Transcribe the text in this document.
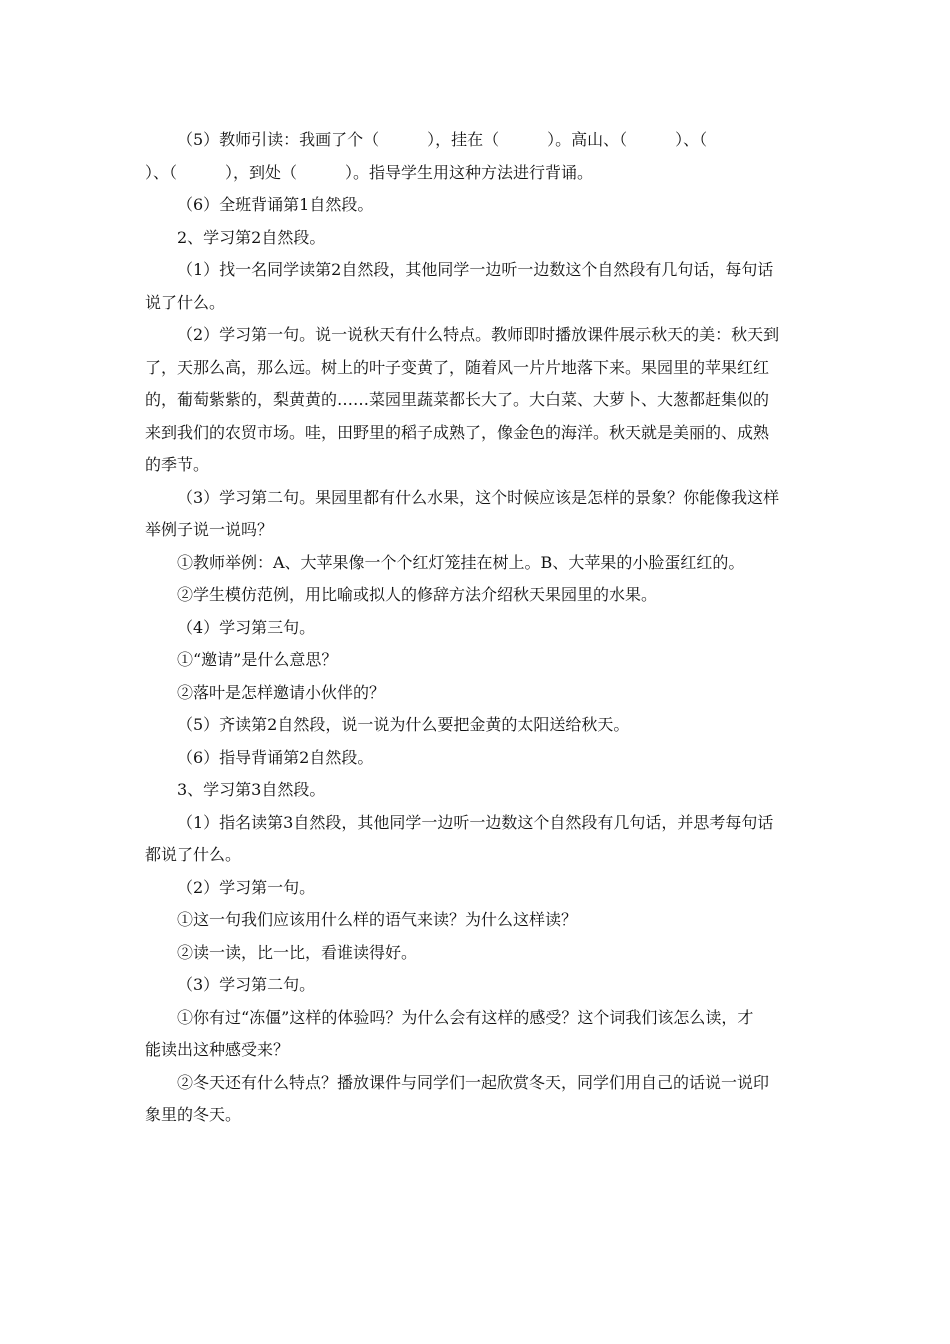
（5）教师引读：我画了个（　　　），挂在（　　　）。高山、（　　　）、（
）、（　　　），到处（　　　）。指导学生用这种方法进行背诵。
（6）全班背诵第1自然段。
2、学习第2自然段。
（1）找一名同学读第2自然段，其他同学一边听一边数这个自然段有几句话，每句话
说了什么。
（2）学习第一句。说一说秋天有什么特点。教师即时播放课件展示秋天的美：秋天到
了，天那么高，那么远。树上的叶子变黄了，随着风一片片地落下来。果园里的苹果红红
的，葡萄紫紫的，梨黄黄的……菜园里蔬菜都长大了。大白菜、大萝卜、大葱都赶集似的
来到我们的农贸市场。哇，田野里的稻子成熟了，像金色的海洋。秋天就是美丽的、成熟
的季节。
（3）学习第二句。果园里都有什么水果，这个时候应该是怎样的景象？你能像我这样
举例子说一说吗？
①教师举例：A、大苹果像一个个红灯笼挂在树上。B、大苹果的小脸蛋红红的。
②学生模仿范例，用比喻或拟人的修辞方法介绍秋天果园里的水果。
（4）学习第三句。
①“邀请”是什么意思？
②落叶是怎样邀请小伙伴的？
（5）齐读第2自然段，说一说为什么要把金黄的太阳送给秋天。
（6）指导背诵第2自然段。
3、学习第3自然段。
（1）指名读第3自然段，其他同学一边听一边数这个自然段有几句话，并思考每句话
都说了什么。
（2）学习第一句。
①这一句我们应该用什么样的语气来读？为什么这样读？
②读一读，比一比，看谁读得好。
（3）学习第二句。
①你有过“冻僵”这样的体验吗？为什么会有这样的感受？这个词我们该怎么读，才
能读出这种感受来？
②冬天还有什么特点？播放课件与同学们一起欣赏冬天，同学们用自己的话说一说印
象里的冬天。
